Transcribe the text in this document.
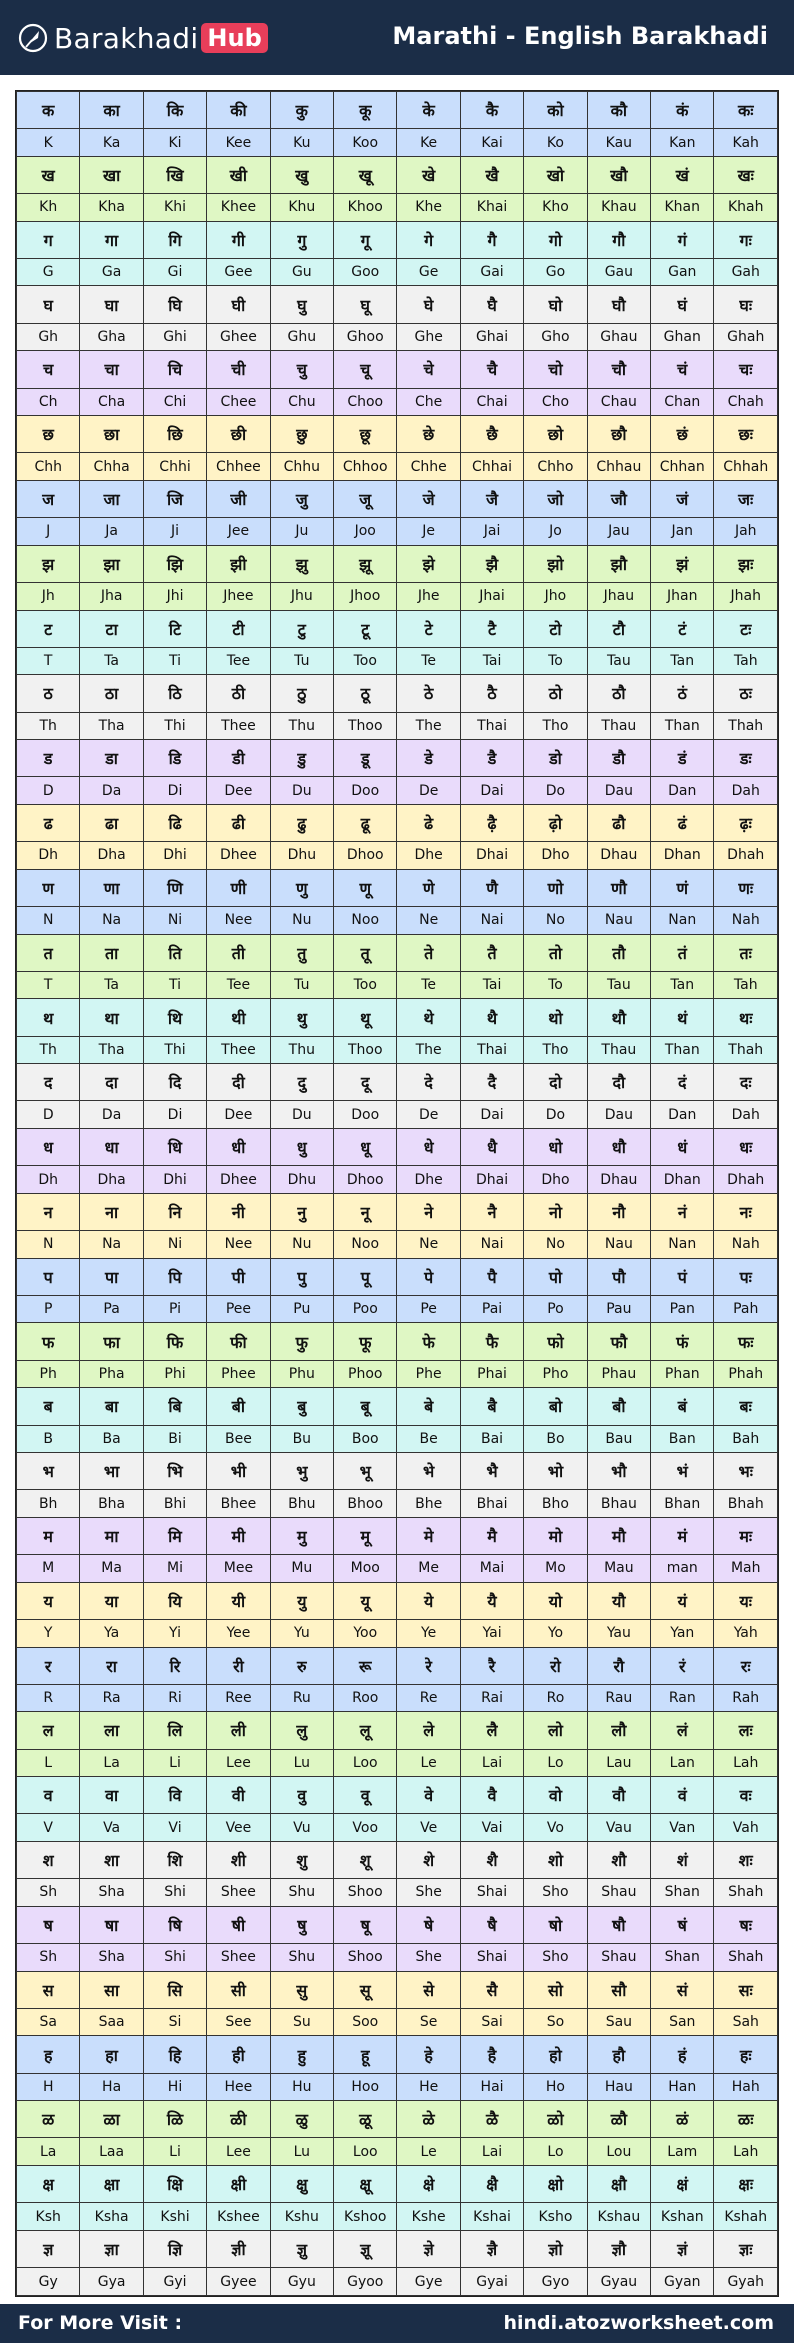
Barakhadi Hub	Marathi - English Barakhadi
क	का	कि	की	कु	कू	के	कै	को	कौ	कं	कः
K	Ka	Ki	Kee	Ku	Koo	Ke	Kai	Ko	Kau	Kan	Kah
ख	खा	खि	खी	खु	खू	खे	खै	खो	खौ	खं	खः
Kh	Kha	Khi	Khee	Khu	Khoo	Khe	Khai	Kho	Khau	Khan	Khah
ग	गा	गि	गी	गु	गू	गे	गै	गो	गौ	गं	गः
G	Ga	Gi	Gee	Gu	Goo	Ge	Gai	Go	Gau	Gan	Gah
घ	घा	घि	घी	घु	घू	घे	घै	घो	घौ	घं	घः
Gh	Gha	Ghi	Ghee	Ghu	Ghoo	Ghe	Ghai	Gho	Ghau	Ghan	Ghah
च	चा	चि	ची	चु	चू	चे	चै	चो	चौ	चं	चः
Ch	Cha	Chi	Chee	Chu	Choo	Che	Chai	Cho	Chau	Chan	Chah
छ	छा	छि	छी	छु	छू	छे	छै	छो	छौ	छं	छः
Chh	Chha	Chhi	Chhee	Chhu	Chhoo	Chhe	Chhai	Chho	Chhau	Chhan	Chhah
ज	जा	जि	जी	जु	जू	जे	जै	जो	जौ	जं	जः
J	Ja	Ji	Jee	Ju	Joo	Je	Jai	Jo	Jau	Jan	Jah
झ	झा	झि	झी	झु	झू	झे	झै	झो	झौ	झं	झः
Jh	Jha	Jhi	Jhee	Jhu	Jhoo	Jhe	Jhai	Jho	Jhau	Jhan	Jhah
ट	टा	टि	टी	टु	टू	टे	टै	टो	टौ	टं	टः
T	Ta	Ti	Tee	Tu	Too	Te	Tai	To	Tau	Tan	Tah
ठ	ठा	ठि	ठी	ठु	ठू	ठे	ठै	ठो	ठौ	ठं	ठः
Th	Tha	Thi	Thee	Thu	Thoo	The	Thai	Tho	Thau	Than	Thah
ड	डा	डि	डी	डु	डू	डे	डै	डो	डौ	डं	डः
D	Da	Di	Dee	Du	Doo	De	Dai	Do	Dau	Dan	Dah
ढ	ढा	ढि	ढी	ढु	ढू	ढे	ढ़ै	ढ़ो	ढौ	ढं	ढ़ः
Dh	Dha	Dhi	Dhee	Dhu	Dhoo	Dhe	Dhai	Dho	Dhau	Dhan	Dhah
ण	णा	णि	णी	णु	णू	णे	णै	णो	णौ	णं	णः
N	Na	Ni	Nee	Nu	Noo	Ne	Nai	No	Nau	Nan	Nah
त	ता	ति	ती	तु	तू	ते	तै	तो	तौ	तं	तः
T	Ta	Ti	Tee	Tu	Too	Te	Tai	To	Tau	Tan	Tah
थ	था	थि	थी	थु	थू	थे	थै	थो	थौ	थं	थः
Th	Tha	Thi	Thee	Thu	Thoo	The	Thai	Tho	Thau	Than	Thah
द	दा	दि	दी	दु	दू	दे	दै	दो	दौ	दं	दः
D	Da	Di	Dee	Du	Doo	De	Dai	Do	Dau	Dan	Dah
ध	धा	धि	धी	धु	धू	धे	धै	धो	धौ	धं	धः
Dh	Dha	Dhi	Dhee	Dhu	Dhoo	Dhe	Dhai	Dho	Dhau	Dhan	Dhah
न	ना	नि	नी	नु	नू	ने	नै	नो	नौ	नं	नः
N	Na	Ni	Nee	Nu	Noo	Ne	Nai	No	Nau	Nan	Nah
प	पा	पि	पी	पु	पू	पे	पै	पो	पौ	पं	पः
P	Pa	Pi	Pee	Pu	Poo	Pe	Pai	Po	Pau	Pan	Pah
फ	फा	फि	फी	फु	फू	फे	फै	फो	फौ	फं	फः
Ph	Pha	Phi	Phee	Phu	Phoo	Phe	Phai	Pho	Phau	Phan	Phah
ब	बा	बि	बी	बु	बू	बे	बै	बो	बौ	बं	बः
B	Ba	Bi	Bee	Bu	Boo	Be	Bai	Bo	Bau	Ban	Bah
भ	भा	भि	भी	भु	भू	भे	भै	भो	भौ	भं	भः
Bh	Bha	Bhi	Bhee	Bhu	Bhoo	Bhe	Bhai	Bho	Bhau	Bhan	Bhah
म	मा	मि	मी	मु	मू	मे	मै	मो	मौ	मं	मः
M	Ma	Mi	Mee	Mu	Moo	Me	Mai	Mo	Mau	man	Mah
य	या	यि	यी	यु	यू	ये	यै	यो	यौ	यं	यः
Y	Ya	Yi	Yee	Yu	Yoo	Ye	Yai	Yo	Yau	Yan	Yah
र	रा	रि	री	रु	रू	रे	रै	रो	रौ	रं	रः
R	Ra	Ri	Ree	Ru	Roo	Re	Rai	Ro	Rau	Ran	Rah
ल	ला	लि	ली	लु	लू	ले	लै	लो	लौ	लं	लः
L	La	Li	Lee	Lu	Loo	Le	Lai	Lo	Lau	Lan	Lah
व	वा	वि	वी	वु	वू	वे	वै	वो	वौ	वं	वः
V	Va	Vi	Vee	Vu	Voo	Ve	Vai	Vo	Vau	Van	Vah
श	शा	शि	शी	शु	शू	शे	शै	शो	शौ	शं	शः
Sh	Sha	Shi	Shee	Shu	Shoo	She	Shai	Sho	Shau	Shan	Shah
ष	षा	षि	षी	षु	षू	षे	षै	षो	षौ	षं	षः
Sh	Sha	Shi	Shee	Shu	Shoo	She	Shai	Sho	Shau	Shan	Shah
स	सा	सि	सी	सु	सू	से	सै	सो	सौ	सं	सः
Sa	Saa	Si	See	Su	Soo	Se	Sai	So	Sau	San	Sah
ह	हा	हि	ही	हु	हू	हे	है	हो	हौ	हं	हः
H	Ha	Hi	Hee	Hu	Hoo	He	Hai	Ho	Hau	Han	Hah
ळ	ळा	ळि	ळी	ळु	ळू	ळे	ळै	ळो	ळौ	ळं	ळः
La	Laa	Li	Lee	Lu	Loo	Le	Lai	Lo	Lou	Lam	Lah
क्ष	क्षा	क्षि	क्षी	क्षु	क्षू	क्षे	क्षै	क्षो	क्षौ	क्षं	क्षः
Ksh	Ksha	Kshi	Kshee	Kshu	Kshoo	Kshe	Kshai	Ksho	Kshau	Kshan	Kshah
ज्ञ	ज्ञा	ज्ञि	ज्ञी	ज्ञु	ज्ञू	ज्ञे	ज्ञै	ज्ञो	ज्ञौ	ज्ञं	ज्ञः
Gy	Gya	Gyi	Gyee	Gyu	Gyoo	Gye	Gyai	Gyo	Gyau	Gyan	Gyah
For More Visit :	hindi.atozworksheet.com
